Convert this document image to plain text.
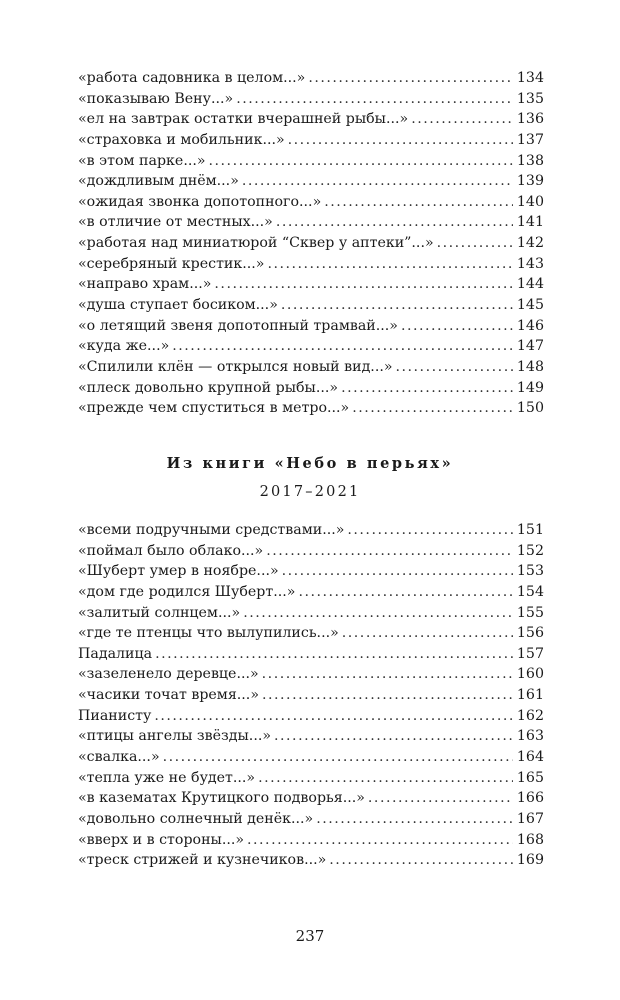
«работа садовника в целом...» .....	134
«показываю Вену...» .....	135
«ел на завтрак остатки вчерашней рыбы...» .....	136
«страховка и мобильник...» .....	137
«в этом парке...» .....	138
«дождливым днём...» .....	139
«ожидая звонка допотопного...» .....	140
«в отличие от местных...» .....	141
«работая над миниатюрой “Сквер у аптеки”...» .....	142
«серебряный крестик...» .....	143
«направо храм...» .....	144
«душа ступает босиком...» .....	145
«о летящий звеня допотопный трамвай...» .....	146
«куда же...» .....	147
«Спилили клён — открылся новый вид...» .....	148
«плеск довольно крупной рыбы...» .....	149
«прежде чем спуститься в метро...» .....	150
Из книги «Небо в перьях»
2017–2021
«всеми подручными средствами...» .....	151
«поймал было облако...» .....	152
«Шуберт умер в ноябре...» .....	153
«дом где родился Шуберт...» .....	154
«залитый солнцем...» .....	155
«где те птенцы что вылупились...» .....	156
Падалица .....	157
«зазеленело деревце...» .....	160
«часики точат время...» .....	161
Пианисту .....	162
«птицы ангелы звёзды...» .....	163
«свалка...» .....	164
«тепла уже не будет...» .....	165
«в казематах Крутицкого подворья...» .....	166
«довольно солнечный денёк...» .....	167
«вверх и в стороны...» .....	168
«треск стрижей и кузнечиков...» .....	169
237
